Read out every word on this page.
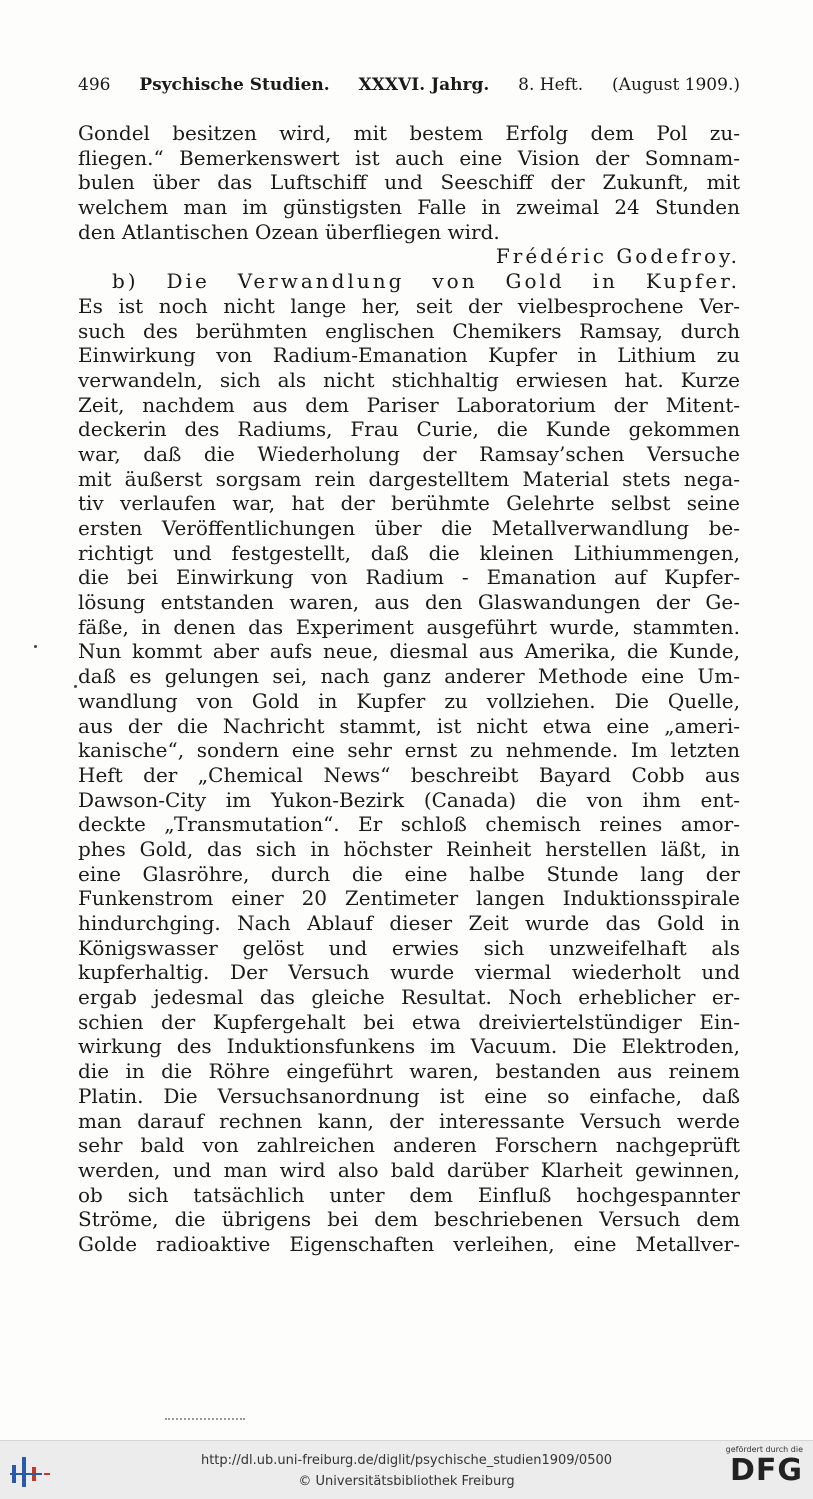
496 Psychische Studien. XXXVI. Jahrg. 8. Heft. (August 1909.)
Gondel besitzen wird, mit bestem Erfolg dem Pol zu-
fliegen.“ Bemerkenswert ist auch eine Vision der Somnam-
bulen über das Luftschiff und Seeschiff der Zukunft, mit
welchem man im günstigsten Falle in zweimal 24 Stunden
den Atlantischen Ozean überfliegen wird.
Frédéric Godefroy.
b) Die Verwandlung von Gold in Kupfer.
Es ist noch nicht lange her, seit der vielbesprochene Ver-
such des berühmten englischen Chemikers Ramsay, durch
Einwirkung von Radium-Emanation Kupfer in Lithium zu
verwandeln, sich als nicht stichhaltig erwiesen hat. Kurze
Zeit, nachdem aus dem Pariser Laboratorium der Mitent-
deckerin des Radiums, Frau Curie, die Kunde gekommen
war, daß die Wiederholung der Ramsay’schen Versuche
mit äußerst sorgsam rein dargestelltem Material stets nega-
tiv verlaufen war, hat der berühmte Gelehrte selbst seine
ersten Veröffentlichungen über die Metallverwandlung be-
richtigt und festgestellt, daß die kleinen Lithiummengen,
die bei Einwirkung von Radium - Emanation auf Kupfer-
lösung entstanden waren, aus den Glaswandungen der Ge-
fäße, in denen das Experiment ausgeführt wurde, stammten.
Nun kommt aber aufs neue, diesmal aus Amerika, die Kunde,
daß es gelungen sei, nach ganz anderer Methode eine Um-
wandlung von Gold in Kupfer zu vollziehen. Die Quelle,
aus der die Nachricht stammt, ist nicht etwa eine „ameri-
kanische“, sondern eine sehr ernst zu nehmende. Im letzten
Heft der „Chemical News“ beschreibt Bayard Cobb aus
Dawson-City im Yukon-Bezirk (Canada) die von ihm ent-
deckte „Transmutation“. Er schloß chemisch reines amor-
phes Gold, das sich in höchster Reinheit herstellen läßt, in
eine Glasröhre, durch die eine halbe Stunde lang der
Funkenstrom einer 20 Zentimeter langen Induktionsspirale
hindurchging. Nach Ablauf dieser Zeit wurde das Gold in
Königswasser gelöst und erwies sich unzweifelhaft als
kupferhaltig. Der Versuch wurde viermal wiederholt und
ergab jedesmal das gleiche Resultat. Noch erheblicher er-
schien der Kupfergehalt bei etwa dreiviertelstündiger Ein-
wirkung des Induktionsfunkens im Vacuum. Die Elektroden,
die in die Röhre eingeführt waren, bestanden aus reinem
Platin. Die Versuchsanordnung ist eine so einfache, daß
man darauf rechnen kann, der interessante Versuch werde
sehr bald von zahlreichen anderen Forschern nachgeprüft
werden, und man wird also bald darüber Klarheit gewinnen,
ob sich tatsächlich unter dem Einfluß hochgespannter
Ströme, die übrigens bei dem beschriebenen Versuch dem
Golde radioaktive Eigenschaften verleihen, eine Metallver-
http://dl.ub.uni-freiburg.de/diglit/psychische_studien1909/0500
© Universitätsbibliothek Freiburg
gefördert durch die
DFG
